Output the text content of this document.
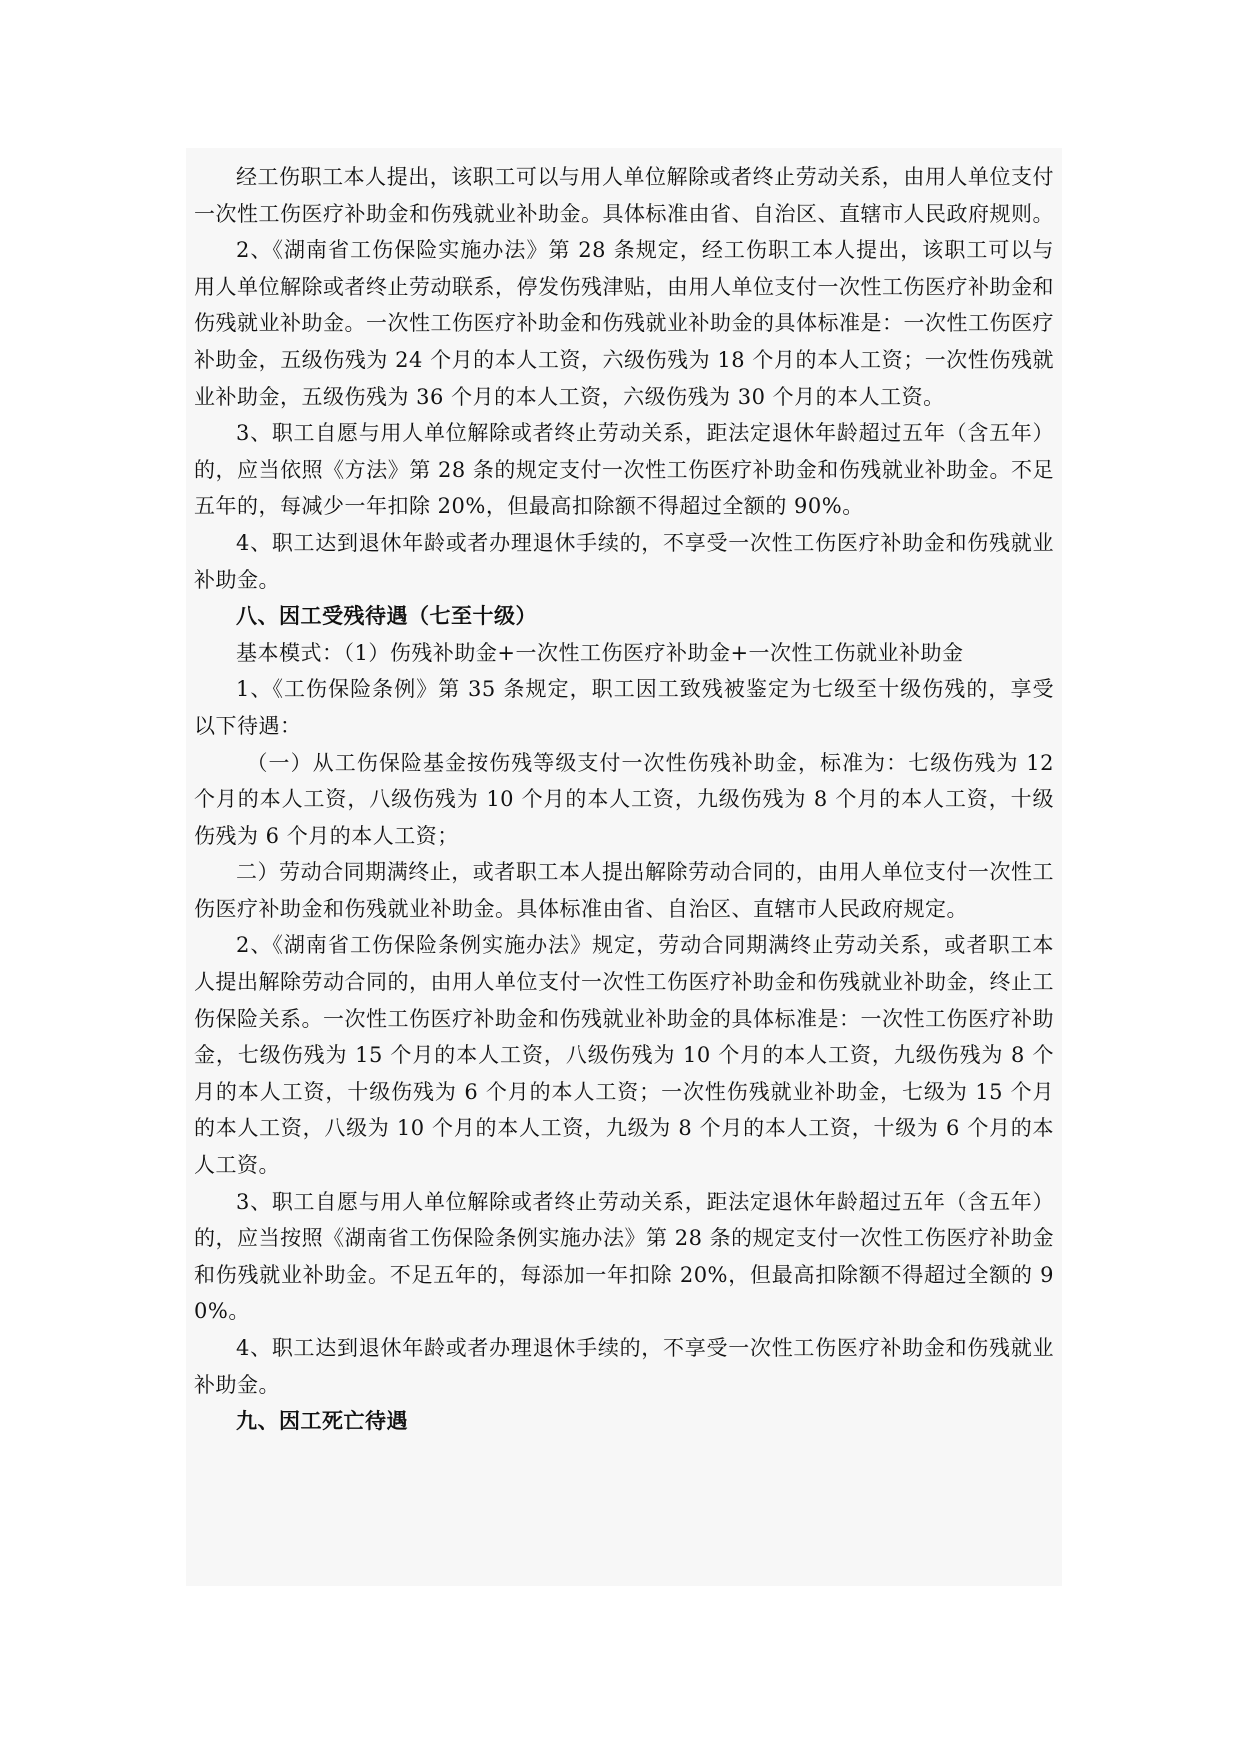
经工伤职工本人提出，该职工可以与用人单位解除或者终止劳动关系，由用人单位支付一次性工伤医疗补助金和伤残就业补助金。具体标准由省、自治区、直辖市人民政府规则。

2、《湖南省工伤保险实施办法》第 28 条规定，经工伤职工本人提出，该职工可以与用人单位解除或者终止劳动联系，停发伤残津贴，由用人单位支付一次性工伤医疗补助金和伤残就业补助金。一次性工伤医疗补助金和伤残就业补助金的具体标准是：一次性工伤医疗补助金，五级伤残为 24 个月的本人工资，六级伤残为 18 个月的本人工资；一次性伤残就业补助金，五级伤残为 36 个月的本人工资，六级伤残为 30 个月的本人工资。

3、职工自愿与用人单位解除或者终止劳动关系，距法定退休年龄超过五年（含五年）的，应当依照《方法》第 28 条的规定支付一次性工伤医疗补助金和伤残就业补助金。不足五年的，每减少一年扣除 20%，但最高扣除额不得超过全额的 90%。

4、职工达到退休年龄或者办理退休手续的，不享受一次性工伤医疗补助金和伤残就业补助金。

八、因工受残待遇（七至十级）

基本模式：（1）伤残补助金+一次性工伤医疗补助金+一次性工伤就业补助金

1、《工伤保险条例》第 35 条规定，职工因工致残被鉴定为七级至十级伤残的，享受以下待遇：

（一）从工伤保险基金按伤残等级支付一次性伤残补助金，标准为：七级伤残为 12 个月的本人工资，八级伤残为 10 个月的本人工资，九级伤残为 8 个月的本人工资，十级伤残为 6 个月的本人工资；

二）劳动合同期满终止，或者职工本人提出解除劳动合同的，由用人单位支付一次性工伤医疗补助金和伤残就业补助金。具体标准由省、自治区、直辖市人民政府规定。

2、《湖南省工伤保险条例实施办法》规定，劳动合同期满终止劳动关系，或者职工本人提出解除劳动合同的，由用人单位支付一次性工伤医疗补助金和伤残就业补助金，终止工伤保险关系。一次性工伤医疗补助金和伤残就业补助金的具体标准是：一次性工伤医疗补助金，七级伤残为 15 个月的本人工资，八级伤残为 10 个月的本人工资，九级伤残为 8 个月的本人工资，十级伤残为 6 个月的本人工资；一次性伤残就业补助金，七级为 15 个月的本人工资，八级为 10 个月的本人工资，九级为 8 个月的本人工资，十级为 6 个月的本人工资。

3、职工自愿与用人单位解除或者终止劳动关系，距法定退休年龄超过五年（含五年）的，应当按照《湖南省工伤保险条例实施办法》第 28 条的规定支付一次性工伤医疗补助金和伤残就业补助金。不足五年的，每添加一年扣除 20%，但最高扣除额不得超过全额的 90%。

4、职工达到退休年龄或者办理退休手续的，不享受一次性工伤医疗补助金和伤残就业补助金。

九、因工死亡待遇
